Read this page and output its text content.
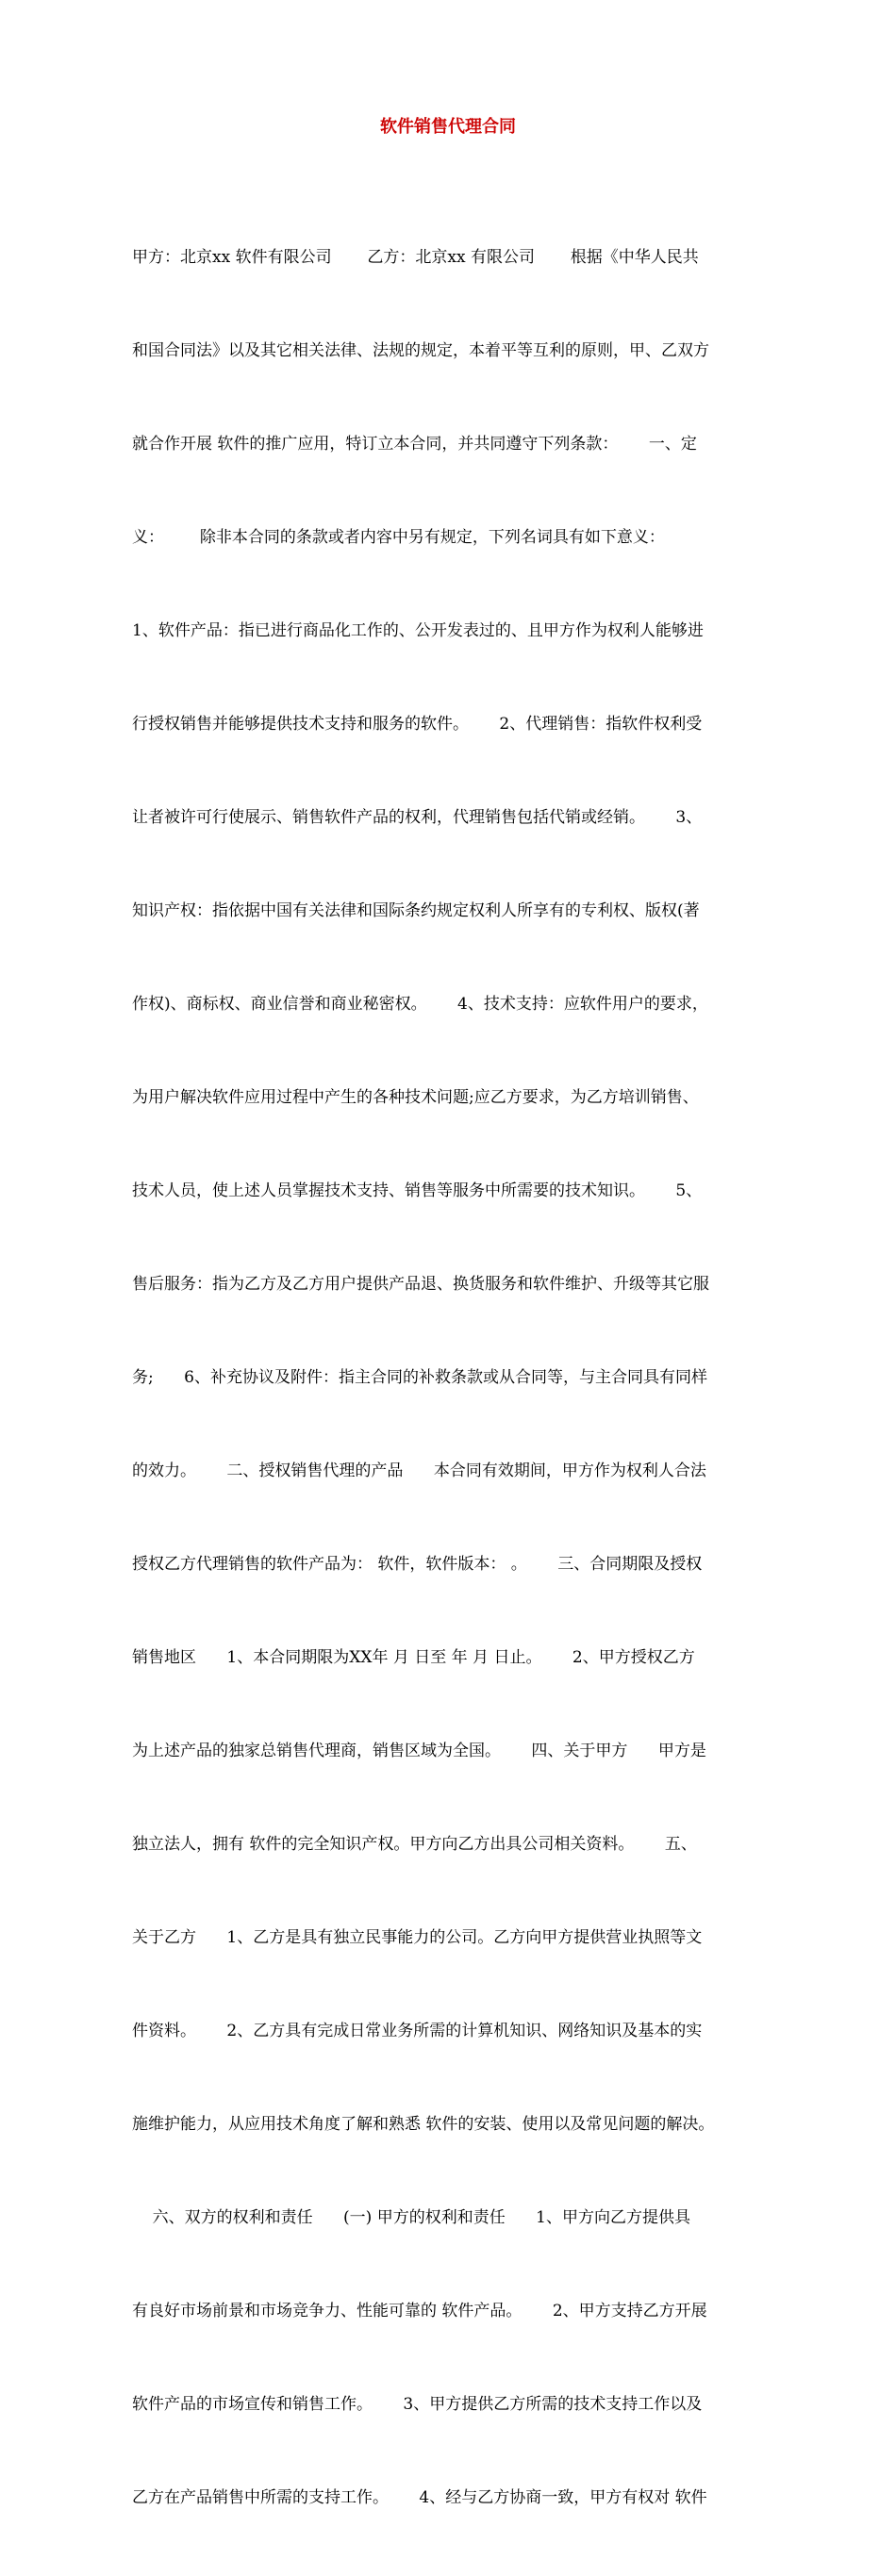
软件销售代理合同

甲方：北京xx 软件有限公司       乙方：北京xx 有限公司       根据《中华人民共

和国合同法》以及其它相关法律、法规的规定，本着平等互利的原则，甲、乙双方

就合作开展 软件的推广应用，特订立本合同，并共同遵守下列条款：      一、定

义：       除非本合同的条款或者内容中另有规定，下列名词具有如下意义：

1、软件产品：指已进行商品化工作的、公开发表过的、且甲方作为权利人能够进

行授权销售并能够提供技术支持和服务的软件。      2、代理销售：指软件权利受

让者被许可行使展示、销售软件产品的权利，代理销售包括代销或经销。      3、

知识产权：指依据中国有关法律和国际条约规定权利人所享有的专利权、版权(著

作权)、商标权、商业信誉和商业秘密权。      4、技术支持：应软件用户的要求，

为用户解决软件应用过程中产生的各种技术问题;应乙方要求，为乙方培训销售、

技术人员，使上述人员掌握技术支持、销售等服务中所需要的技术知识。      5、

售后服务：指为乙方及乙方用户提供产品退、换货服务和软件维护、升级等其它服

务;      6、补充协议及附件：指主合同的补救条款或从合同等，与主合同具有同样

的效力。      二、授权销售代理的产品      本合同有效期间，甲方作为权利人合法

授权乙方代理销售的软件产品为： 软件，软件版本： 。      三、合同期限及授权

销售地区      1、本合同期限为XX年 月 日至 年 月 日止。      2、甲方授权乙方

为上述产品的独家总销售代理商，销售区域为全国。      四、关于甲方      甲方是

独立法人，拥有 软件的完全知识产权。甲方向乙方出具公司相关资料。      五、

关于乙方      1、乙方是具有独立民事能力的公司。乙方向甲方提供营业执照等文

件资料。      2、乙方具有完成日常业务所需的计算机知识、网络知识及基本的实

施维护能力，从应用技术角度了解和熟悉 软件的安装、使用以及常见问题的解决。

六、双方的权利和责任      (一) 甲方的权利和责任      1、甲方向乙方提供具

有良好市场前景和市场竞争力、性能可靠的 软件产品。      2、甲方支持乙方开展

软件产品的市场宣传和销售工作。      3、甲方提供乙方所需的技术支持工作以及

乙方在产品销售中所需的支持工作。      4、经与乙方协商一致，甲方有权对 软件
